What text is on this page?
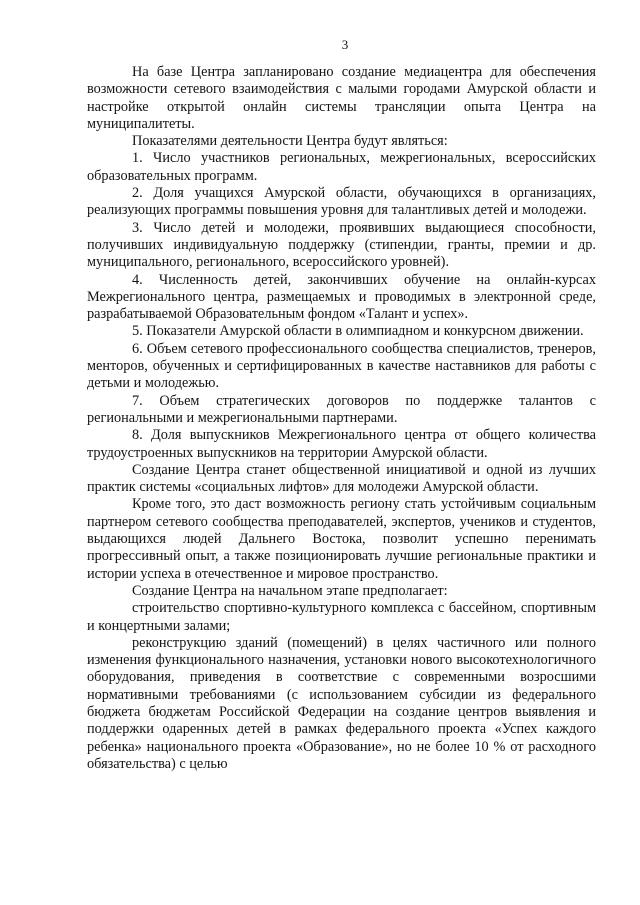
3

На базе Центра запланировано создание медиацентра для обеспечения возможности сетевого взаимодействия с малыми городами Амурской области и настройке открытой онлайн системы трансляции опыта Центра на муниципалитеты.

Показателями деятельности Центра будут являться:

1. Число участников региональных, межрегиональных, всероссийских образовательных программ.

2. Доля учащихся Амурской области, обучающихся в организациях, реализующих программы повышения уровня для талантливых детей и молодежи.

3. Число детей и молодежи, проявивших выдающиеся способности, получивших индивидуальную поддержку (стипендии, гранты, премии и др. муниципального, регионального, всероссийского уровней).

4. Численность детей, закончивших обучение на онлайн-курсах Межрегионального центра, размещаемых и проводимых в электронной среде, разрабатываемой Образовательным фондом «Талант и успех».

5. Показатели Амурской области в олимпиадном и конкурсном движении.

6. Объем сетевого профессионального сообщества специалистов, тренеров, менторов, обученных и сертифицированных в качестве наставников для работы с детьми и молодежью.

7. Объем стратегических договоров по поддержке талантов с региональными и межрегиональными партнерами.

8. Доля выпускников Межрегионального центра от общего количества трудоустроенных выпускников на территории Амурской области.

Создание Центра станет общественной инициативой и одной из лучших практик системы «социальных лифтов» для молодежи Амурской области.

Кроме того, это даст возможность региону стать устойчивым социальным партнером сетевого сообщества преподавателей, экспертов, учеников и студентов, выдающихся людей Дальнего Востока, позволит успешно перенимать прогрессивный опыт, а также позиционировать лучшие региональные практики и истории успеха в отечественное и мировое пространство.

Создание Центра на начальном этапе предполагает:

строительство спортивно-культурного комплекса с бассейном, спортивным и концертными залами;

реконструкцию зданий (помещений) в целях частичного или полного изменения функционального назначения, установки нового высокотехнологичного оборудования, приведения в соответствие с современными возросшими нормативными требованиями (с использованием субсидии из федерального бюджета бюджетам Российской Федерации на создание центров выявления и поддержки одаренных детей в рамках федерального проекта «Успех каждого ребенка» национального проекта «Образование», но не более 10 % от расходного обязательства) с целью
